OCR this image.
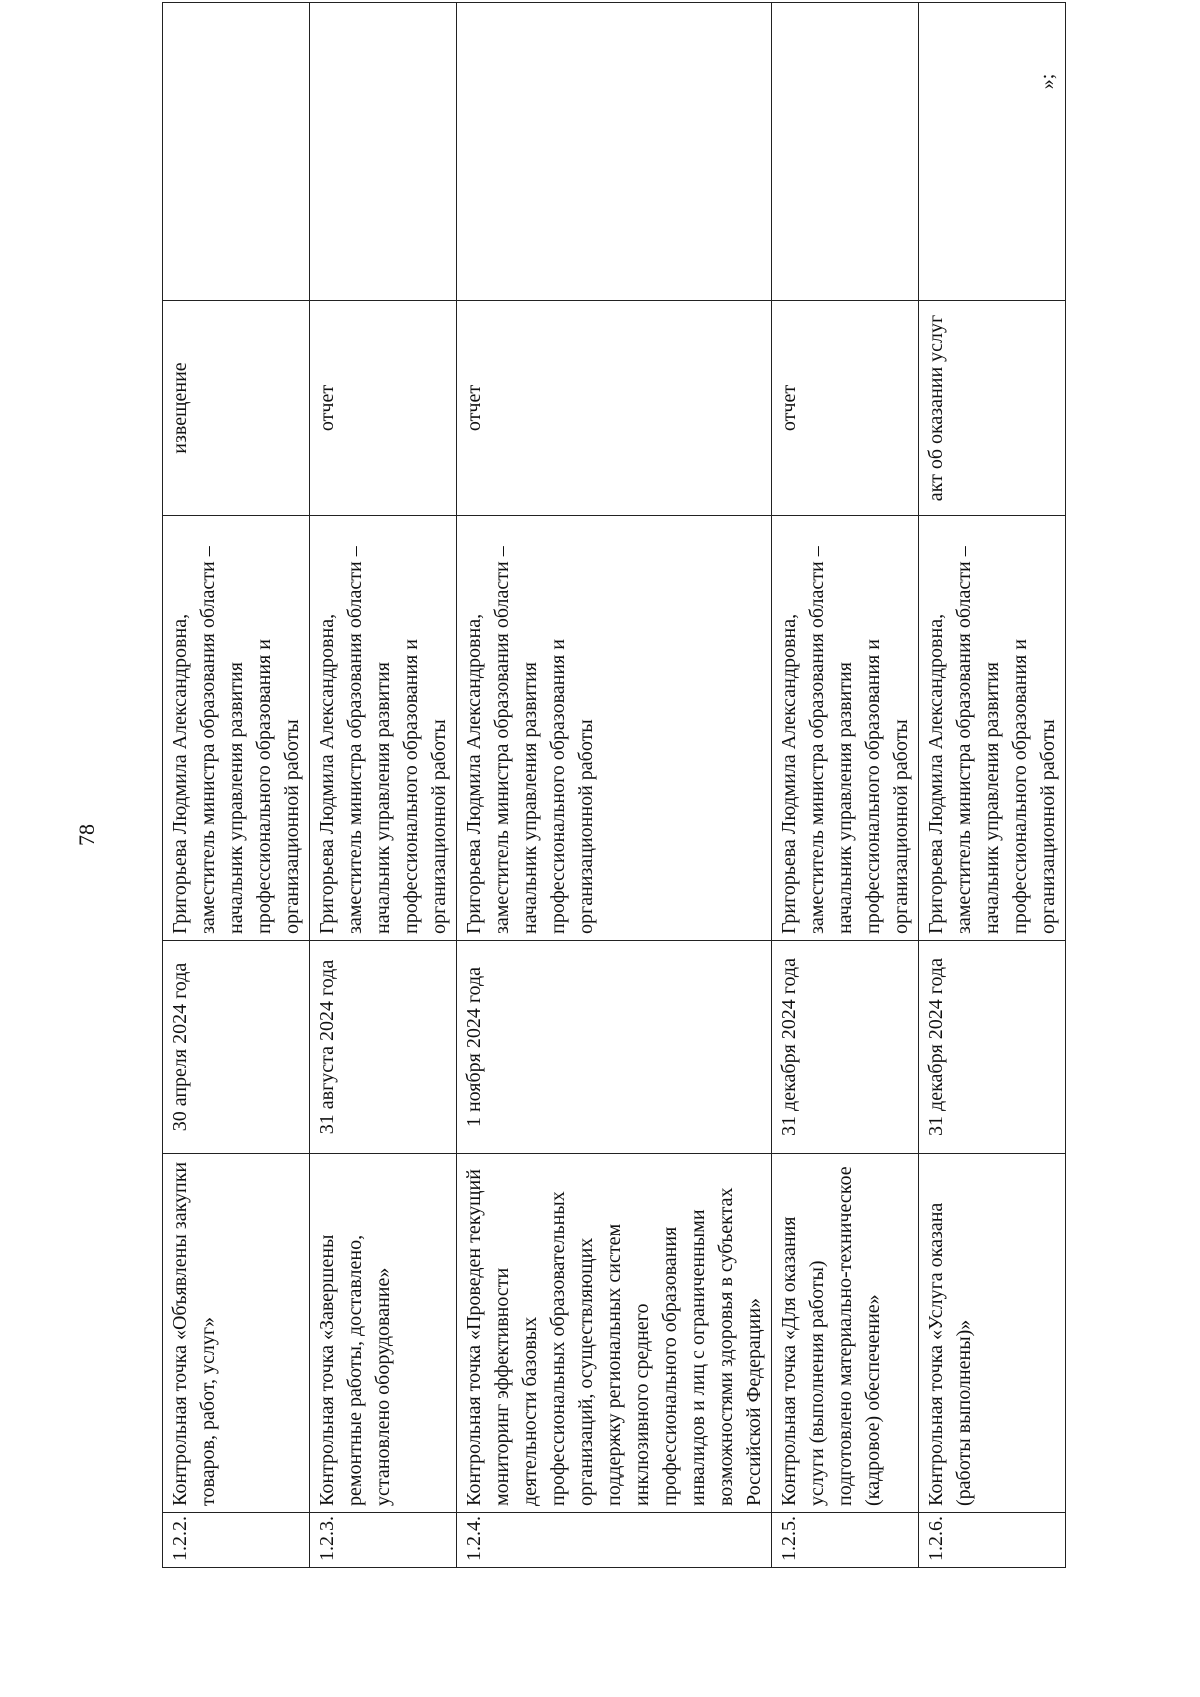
78
»;
1.2.2.	Контрольная точка «Объявлены закупки товаров, работ, услуг»	30 апреля 2024 года	Григорьева Людмила Александровна, заместитель министра образования области – начальник управления развития профессионального образования и организационной работы	извещение	
1.2.3.	Контрольная точка «Завершены ремонтные работы, доставлено, установлено оборудование»	31 августа 2024 года	Григорьева Людмила Александровна, заместитель министра образования области – начальник управления развития профессионального образования и организационной работы	отчет	
1.2.4.	Контрольная точка «Проведен текущий мониторинг эффективности деятельности базовых профессиональных образовательных организаций, осуществляющих поддержку региональных систем инклюзивного среднего профессионального образования инвалидов и лиц с ограниченными возможностями здоровья в субъектах Российской Федерации»	1 ноября 2024 года	Григорьева Людмила Александровна, заместитель министра образования области – начальник управления развития профессионального образования и организационной работы	отчет	
1.2.5.	Контрольная точка «Для оказания услуги (выполнения работы) подготовлено материально-техническое (кадровое) обеспечение»	31 декабря 2024 года	Григорьева Людмила Александровна, заместитель министра образования области – начальник управления развития профессионального образования и организационной работы	отчет	
1.2.6.	Контрольная точка «Услуга оказана (работы выполнены)»	31 декабря 2024 года	Григорьева Людмила Александровна, заместитель министра образования области – начальник управления развития профессионального образования и организационной работы	акт об оказании услуг	
